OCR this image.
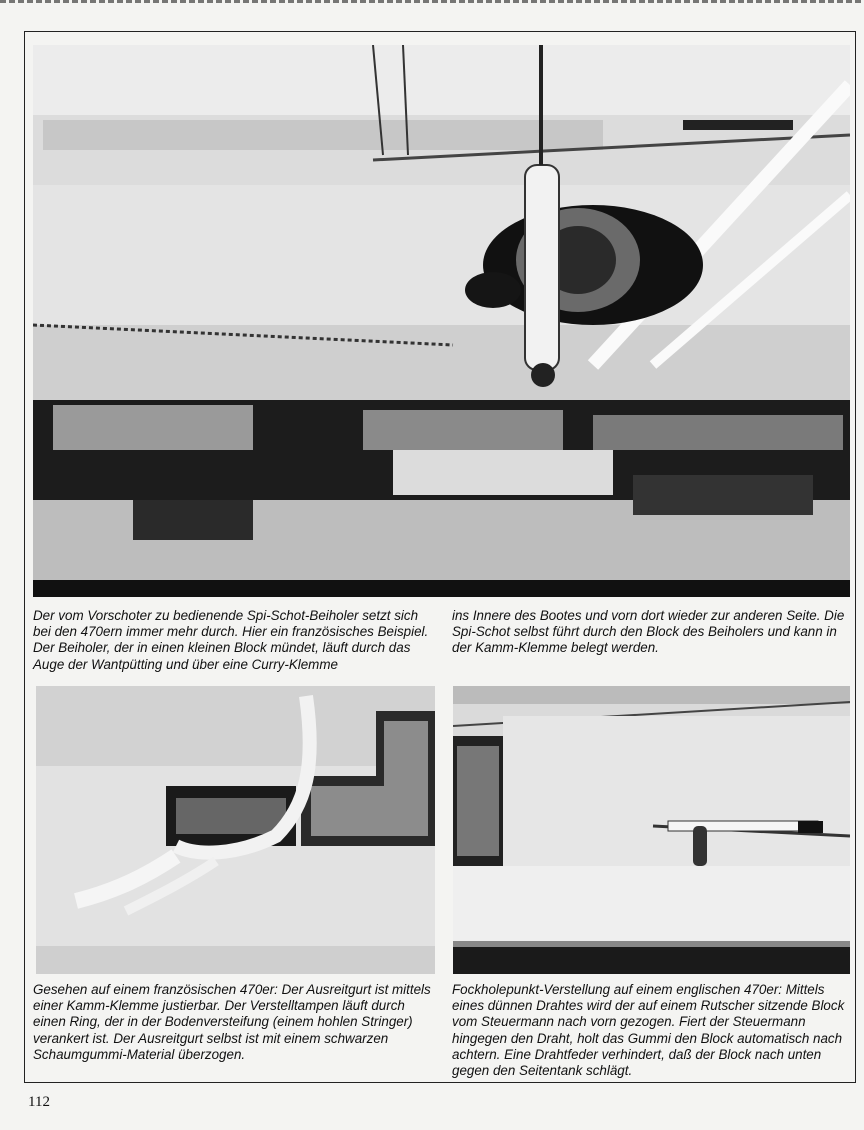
Der vom Vorschoter zu bedienende Spi-Schot-Beiholer setzt sich bei den 470ern immer mehr durch. Hier ein französisches Beispiel. Der Beiholer, der in einen kleinen Block mündet, läuft durch das Auge der Wantpütting und über eine Curry-Klemme

ins Innere des Bootes und vorn dort wieder zur anderen Seite. Die Spi-Schot selbst führt durch den Block des Beiholers und kann in der Kamm-Klemme belegt werden.

Gesehen auf einem französischen 470er: Der Ausreitgurt ist mittels einer Kamm-Klemme justierbar. Der Verstelltampen läuft durch einen Ring, der in der Bodenversteifung (einem hohlen Stringer) verankert ist. Der Ausreitgurt selbst ist mit einem schwarzen Schaumgummi-Material überzogen.

Fockholepunkt-Verstellung auf einem englischen 470er: Mittels eines dünnen Drahtes wird der auf einem Rutscher sitzende Block vom Steuermann nach vorn gezogen. Fiert der Steuermann hingegen den Draht, holt das Gummi den Block automatisch nach achtern. Eine Drahtfeder verhindert, daß der Block nach unten gegen den Seitentank schlägt.

112
